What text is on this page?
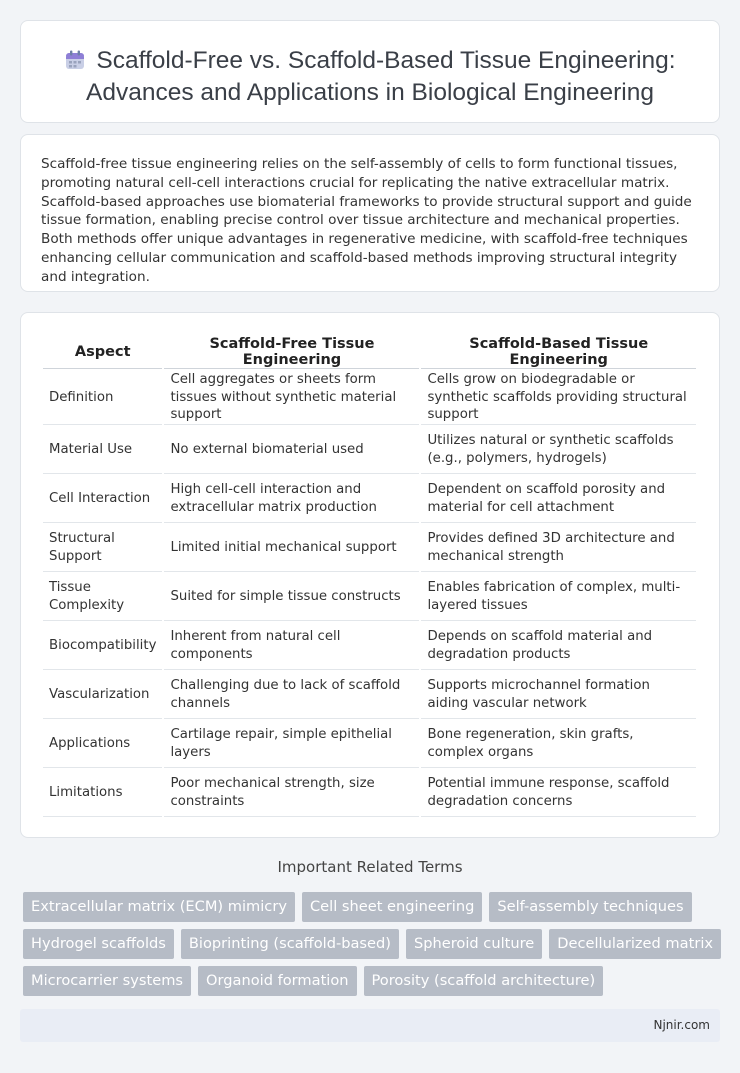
Scaffold-Free vs. Scaffold-Based Tissue Engineering: Advances and Applications in Biological Engineering

Scaffold-free tissue engineering relies on the self-assembly of cells to form functional tissues, promoting natural cell-cell interactions crucial for replicating the native extracellular matrix. Scaffold-based approaches use biomaterial frameworks to provide structural support and guide tissue formation, enabling precise control over tissue architecture and mechanical properties. Both methods offer unique advantages in regenerative medicine, with scaffold-free techniques enhancing cellular communication and scaffold-based methods improving structural integrity and integration.

Aspect	Scaffold-Free Tissue Engineering	Scaffold-Based Tissue Engineering
Definition	Cell aggregates or sheets form tissues without synthetic material support	Cells grow on biodegradable or synthetic scaffolds providing structural support
Material Use	No external biomaterial used	Utilizes natural or synthetic scaffolds (e.g., polymers, hydrogels)
Cell Interaction	High cell-cell interaction and extracellular matrix production	Dependent on scaffold porosity and material for cell attachment
Structural Support	Limited initial mechanical support	Provides defined 3D architecture and mechanical strength
Tissue Complexity	Suited for simple tissue constructs	Enables fabrication of complex, multi-layered tissues
Biocompatibility	Inherent from natural cell components	Depends on scaffold material and degradation products
Vascularization	Challenging due to lack of scaffold channels	Supports microchannel formation aiding vascular network
Applications	Cartilage repair, simple epithelial layers	Bone regeneration, skin grafts, complex organs
Limitations	Poor mechanical strength, size constraints	Potential immune response, scaffold degradation concerns
Important Related Terms
Extracellular matrix (ECM) mimicry	Cell sheet engineering	Self-assembly techniques
Hydrogel scaffolds	Bioprinting (scaffold-based)	Spheroid culture	Decellularized matrix
Microcarrier systems	Organoid formation	Porosity (scaffold architecture)
Njnir.com
